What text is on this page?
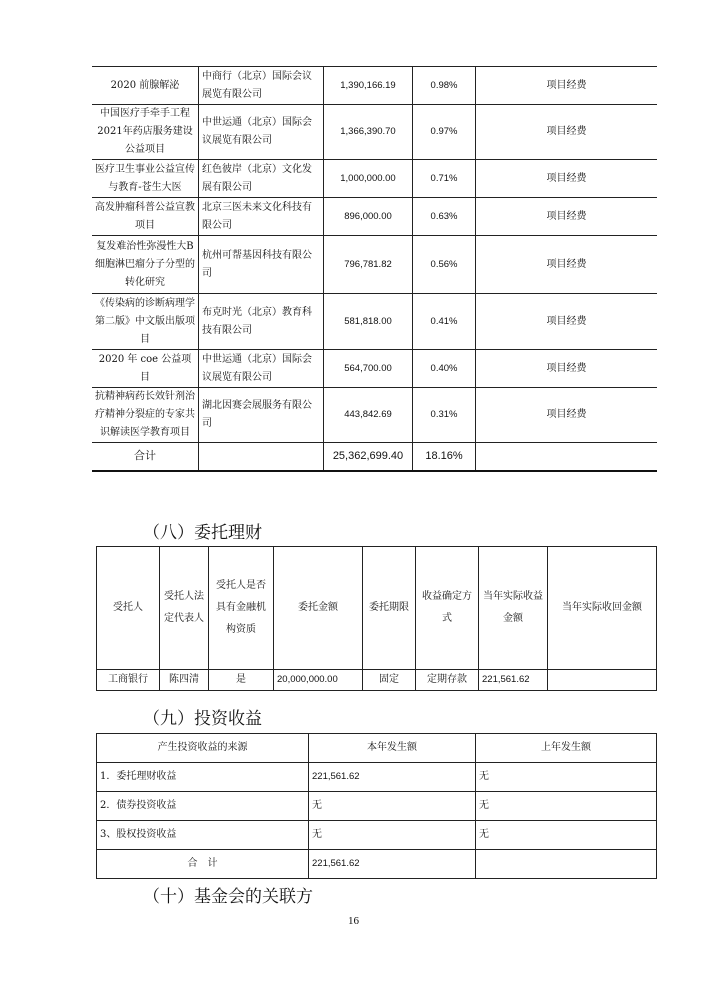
2020 前腺解泌	中商行（北京）国际会议展览有限公司	1,390,166.19	0.98%	项目经费
中国医疗手牵手工程2021年药店服务建设公益项目	中世运通（北京）国际会议展览有限公司	1,366,390.70	0.97%	项目经费
医疗卫生事业公益宣传与教育-苍生大医	红色彼岸（北京）文化发展有限公司	1,000,000.00	0.71%	项目经费
高发肿瘤科普公益宣教项目	北京三医未来文化科技有限公司	896,000.00	0.63%	项目经费
复发难治性弥漫性大B细胞淋巴瘤分子分型的转化研究	杭州可帮基因科技有限公司	796,781.82	0.56%	项目经费
《传染病的诊断病理学第二版》中文版出版项目	布克时光（北京）教育科技有限公司	581,818.00	0.41%	项目经费
2020 年 coe 公益项目	中世运通（北京）国际会议展览有限公司	564,700.00	0.40%	项目经费
抗精神病药长效针剂治疗精神分裂症的专家共识解读医学教育项目	湖北因赛会展服务有限公司	443,842.69	0.31%	项目经费
合计		25,362,699.40	18.16%	
（八）委托理财
受托人	受托人法定代表人	受托人是否具有金融机构资质	委托金额	委托期限	收益确定方式	当年实际收益金额	当年实际收回金额
工商银行	陈四清	是	20,000,000.00	固定	定期存款	221,561.62	
（九）投资收益
产生投资收益的来源	本年发生额	上年发生额
1．委托理财收益	221,561.62	无
2．债券投资收益	无	无
3、股权投资收益	无	无
合　计	221,561.62	
（十）基金会的关联方
16
